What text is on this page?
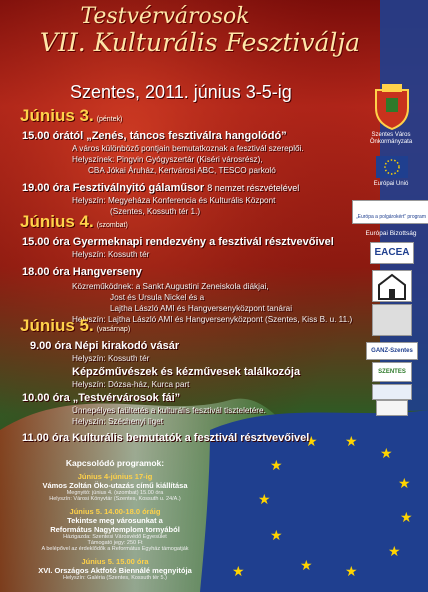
★ ★
★
★
★
★
★
★
★
★ ★
★
Testvérvárosok
VII. Kulturális Fesztiválja
Szentes, 2011. június 3-5-ig
Június 3. (péntek)
15.00 órától „Zenés, táncos fesztiválra hangolódó”
A város különböző pontjain bemutatkoznak a fesztivál szereplői.
Helyszínek: Pingvin Gyógyszertár (Kiséri városrész),
CBA Jókai Áruház, Kertvárosi ABC, TESCO parkoló
19.00 óra Fesztiválnyitó gálaműsor 8 nemzet részvételével
Helyszín: Megyeháza Konferencia és Kulturális Központ
(Szentes, Kossuth tér 1.)
Június 4. (szombat)
15.00 óra Gyermeknapi rendezvény a fesztivál résztvevőivel
Helyszín: Kossuth tér
18.00 óra Hangverseny
Közreműködnek: a Sankt Augustini Zeneiskola diákjai,
Jost és Ursula Nickel és a
Lajtha László AMI és Hangversenyközpont tanárai
Helyszín: Lajtha László AMI és Hangversenyközpont (Szentes, Kiss B. u. 11.)
Június 5. (vasárnap)
9.00 óra Népi kirakodó vásár
Helyszín: Kossuth tér
Képzőművészek és kézművesek találkozója
Helyszín: Dózsa-ház, Kurca part
10.00 óra „Testvérvárosok fái”
Ünnepélyes faültetés a kulturális fesztivál tiszteletére.
Helyszín: Széchenyi liget
11.00 óra Kulturális bemutatók a fesztivál résztvevőivel
Kapcsolódó programok:
Június 4-június 17-ig
Vámos Zoltán Öko-utazás című kiállítása
Megnyitó: június 4. (szombat) 15.00 óra
Helyszín: Városi Könyvtár (Szentes, Kossuth u. 24/A.)
Június 5. 14.00-18.0 óráig
Tekintse meg városunkat a
Református Nagytemplom tornyából
Házigazda: Szentesi Városvédő Egyesület
Támogató jegy: 250 Ft
A belépővel az érdeklődők a Református Egyház támogatják
Június 5. 15.00 óra
XVI. Országos Aktfotó Biennálé megnyitója
Helyszín: Galéria (Szentes, Kossuth tér 5.)
Szentes Város
Önkormányzata
Európai Unió
„Európa a polgárokért” program
Európai Bizottság
EACEA
GANZ-Szentes
SZENTES
